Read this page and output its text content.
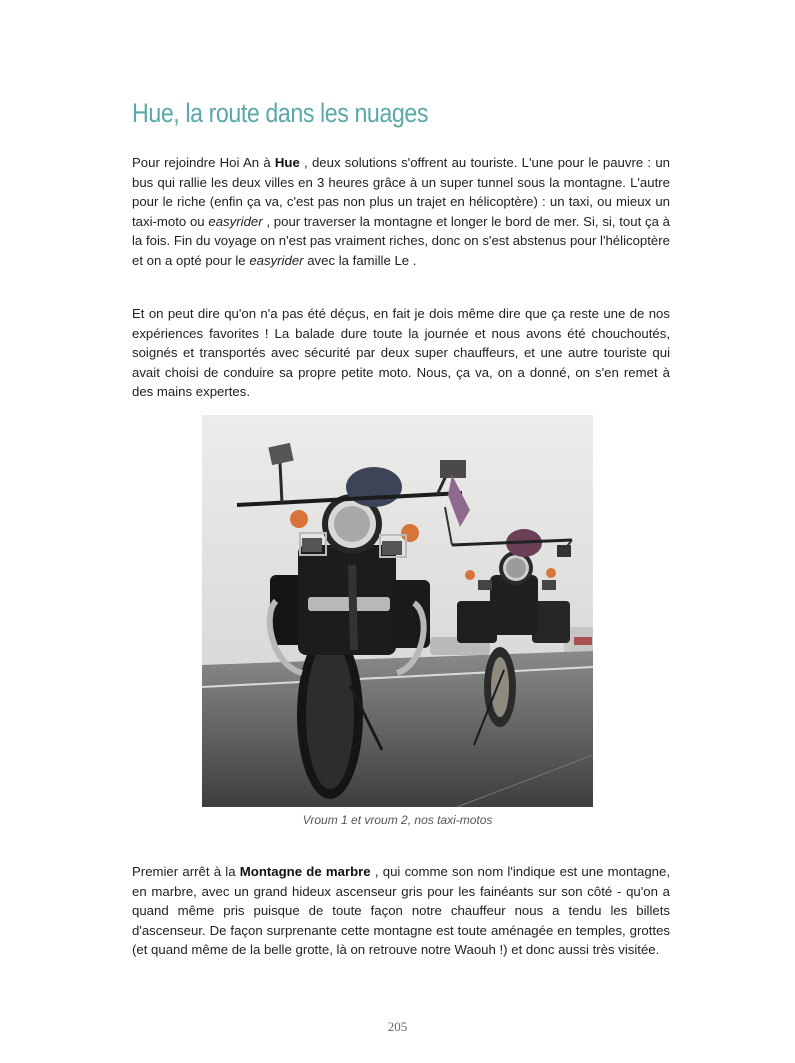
Hue, la route dans les nuages

Pour rejoindre Hoi An à Hue , deux solutions s'offrent au touriste. L'une pour le pauvre : un bus qui rallie les deux villes en 3 heures grâce à un super tunnel sous la montagne. L'autre pour le riche (enfin ça va, c'est pas non plus un trajet en hélicoptère) : un taxi, ou mieux un taxi-moto ou easyrider , pour traverser la montagne et longer le bord de mer. Si, si, tout ça à la fois. Fin du voyage on n'est pas vraiment riches, donc on s'est abstenus pour l'hélicoptère et on a opté pour le easyrider avec la famille Le .

Et on peut dire qu'on n'a pas été déçus, en fait je dois même dire que ça reste une de nos expériences favorites ! La balade dure toute la journée et nous avons été chouchoutés, soignés et transportés avec sécurité par deux super chauffeurs, et une autre touriste qui avait choisi de conduire sa propre petite moto. Nous, ça va, on a donné, on s'en remet à des mains expertes.

Vroum 1 et vroum 2, nos taxi-motos

Premier arrêt à la Montagne de marbre , qui comme son nom l'indique est une montagne, en marbre, avec un grand hideux ascenseur gris pour les fainéants sur son côté - qu'on a quand même pris puisque de toute façon notre chauffeur nous a tendu les billets d'ascenseur. De façon surprenante cette montagne est toute aménagée en temples, grottes (et quand même de la belle grotte, là on retrouve notre Waouh !) et donc aussi très visitée.

205
